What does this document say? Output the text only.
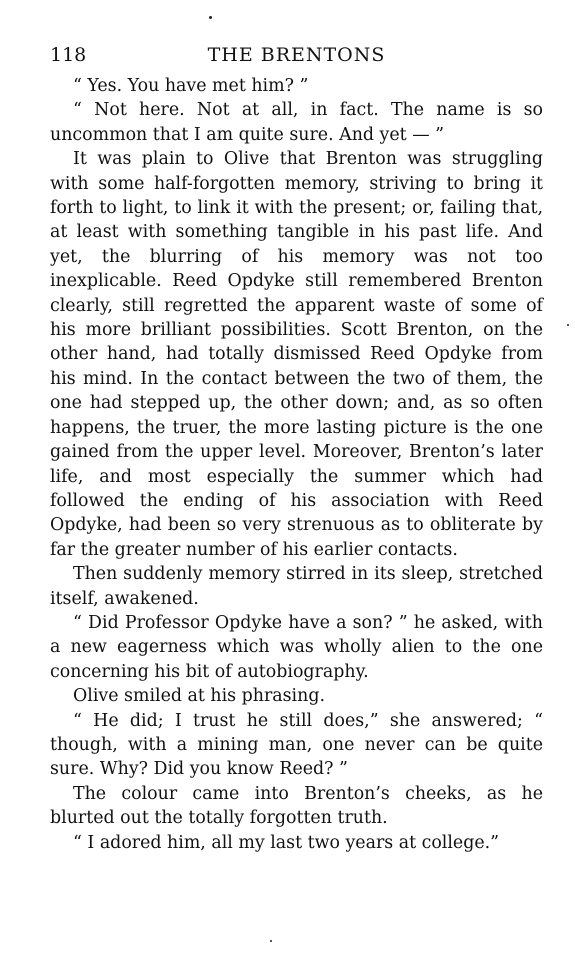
118	THE BRENTONS

“ Yes. You have met him? ”

“ Not here. Not at all, in fact. The name is so uncommon that I am quite sure. And yet — ”

It was plain to Olive that Brenton was struggling with some half-forgotten memory, striving to bring it forth to light, to link it with the present; or, failing that, at least with something tangible in his past life. And yet, the blurring of his memory was not too inexplicable. Reed Opdyke still remembered Brenton clearly, still regretted the apparent waste of some of his more brilliant possibilities. Scott Brenton, on the other hand, had totally dismissed Reed Opdyke from his mind. In the contact between the two of them, the one had stepped up, the other down; and, as so often happens, the truer, the more lasting picture is the one gained from the upper level. Moreover, Brenton’s later life, and most especially the summer which had followed the ending of his association with Reed Opdyke, had been so very strenuous as to obliterate by far the greater number of his earlier contacts.

Then suddenly memory stirred in its sleep, stretched itself, awakened.

“ Did Professor Opdyke have a son? ” he asked, with a new eagerness which was wholly alien to the one concerning his bit of autobiography.

Olive smiled at his phrasing.

“ He did; I trust he still does,” she answered; “ though, with a mining man, one never can be quite sure. Why? Did you know Reed? ”

The colour came into Brenton’s cheeks, as he blurted out the totally forgotten truth.

“ I adored him, all my last two years at college.”
